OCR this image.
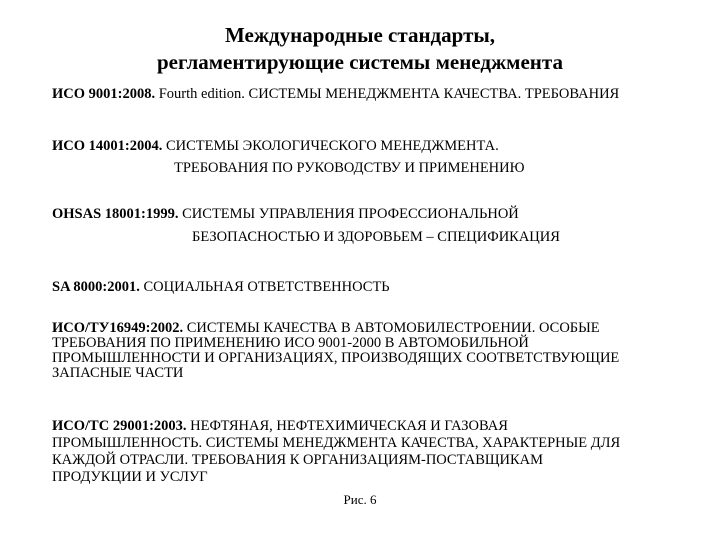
Международные стандарты,
регламентирующие системы менеджмента
ИСО 9001:2008. Fourth edition. СИСТЕМЫ МЕНЕДЖМЕНТА КАЧЕСТВА. ТРЕБОВАНИЯ
ИСО 14001:2004. СИСТЕМЫ ЭКОЛОГИЧЕСКОГО МЕНЕДЖМЕНТА.
ТРЕБОВАНИЯ ПО РУКОВОДСТВУ И ПРИМЕНЕНИЮ
OHSAS 18001:1999. СИСТЕМЫ УПРАВЛЕНИЯ ПРОФЕССИОНАЛЬНОЙ
БЕЗОПАСНОСТЬЮ И ЗДОРОВЬЕМ – СПЕЦИФИКАЦИЯ
SA 8000:2001. СОЦИАЛЬНАЯ ОТВЕТСТВЕННОСТЬ
ИСО/ТУ16949:2002. СИСТЕМЫ КАЧЕСТВА В АВТОМОБИЛЕСТРОЕНИИ. ОСОБЫЕ
ТРЕБОВАНИЯ ПО ПРИМЕНЕНИЮ ИСО 9001-2000 В АВТОМОБИЛЬНОЙ
ПРОМЫШЛЕННОСТИ И ОРГАНИЗАЦИЯХ, ПРОИЗВОДЯЩИХ СООТВЕТСТВУЮЩИЕ
ЗАПАСНЫЕ ЧАСТИ
ИСО/ТС 29001:2003. НЕФТЯНАЯ, НЕФТЕХИМИЧЕСКАЯ И ГАЗОВАЯ
ПРОМЫШЛЕННОСТЬ. СИСТЕМЫ МЕНЕДЖМЕНТА КАЧЕСТВА, ХАРАКТЕРНЫЕ ДЛЯ
КАЖДОЙ ОТРАСЛИ. ТРЕБОВАНИЯ К ОРГАНИЗАЦИЯМ-ПОСТАВЩИКАМ
ПРОДУКЦИИ И УСЛУГ
Рис. 6
